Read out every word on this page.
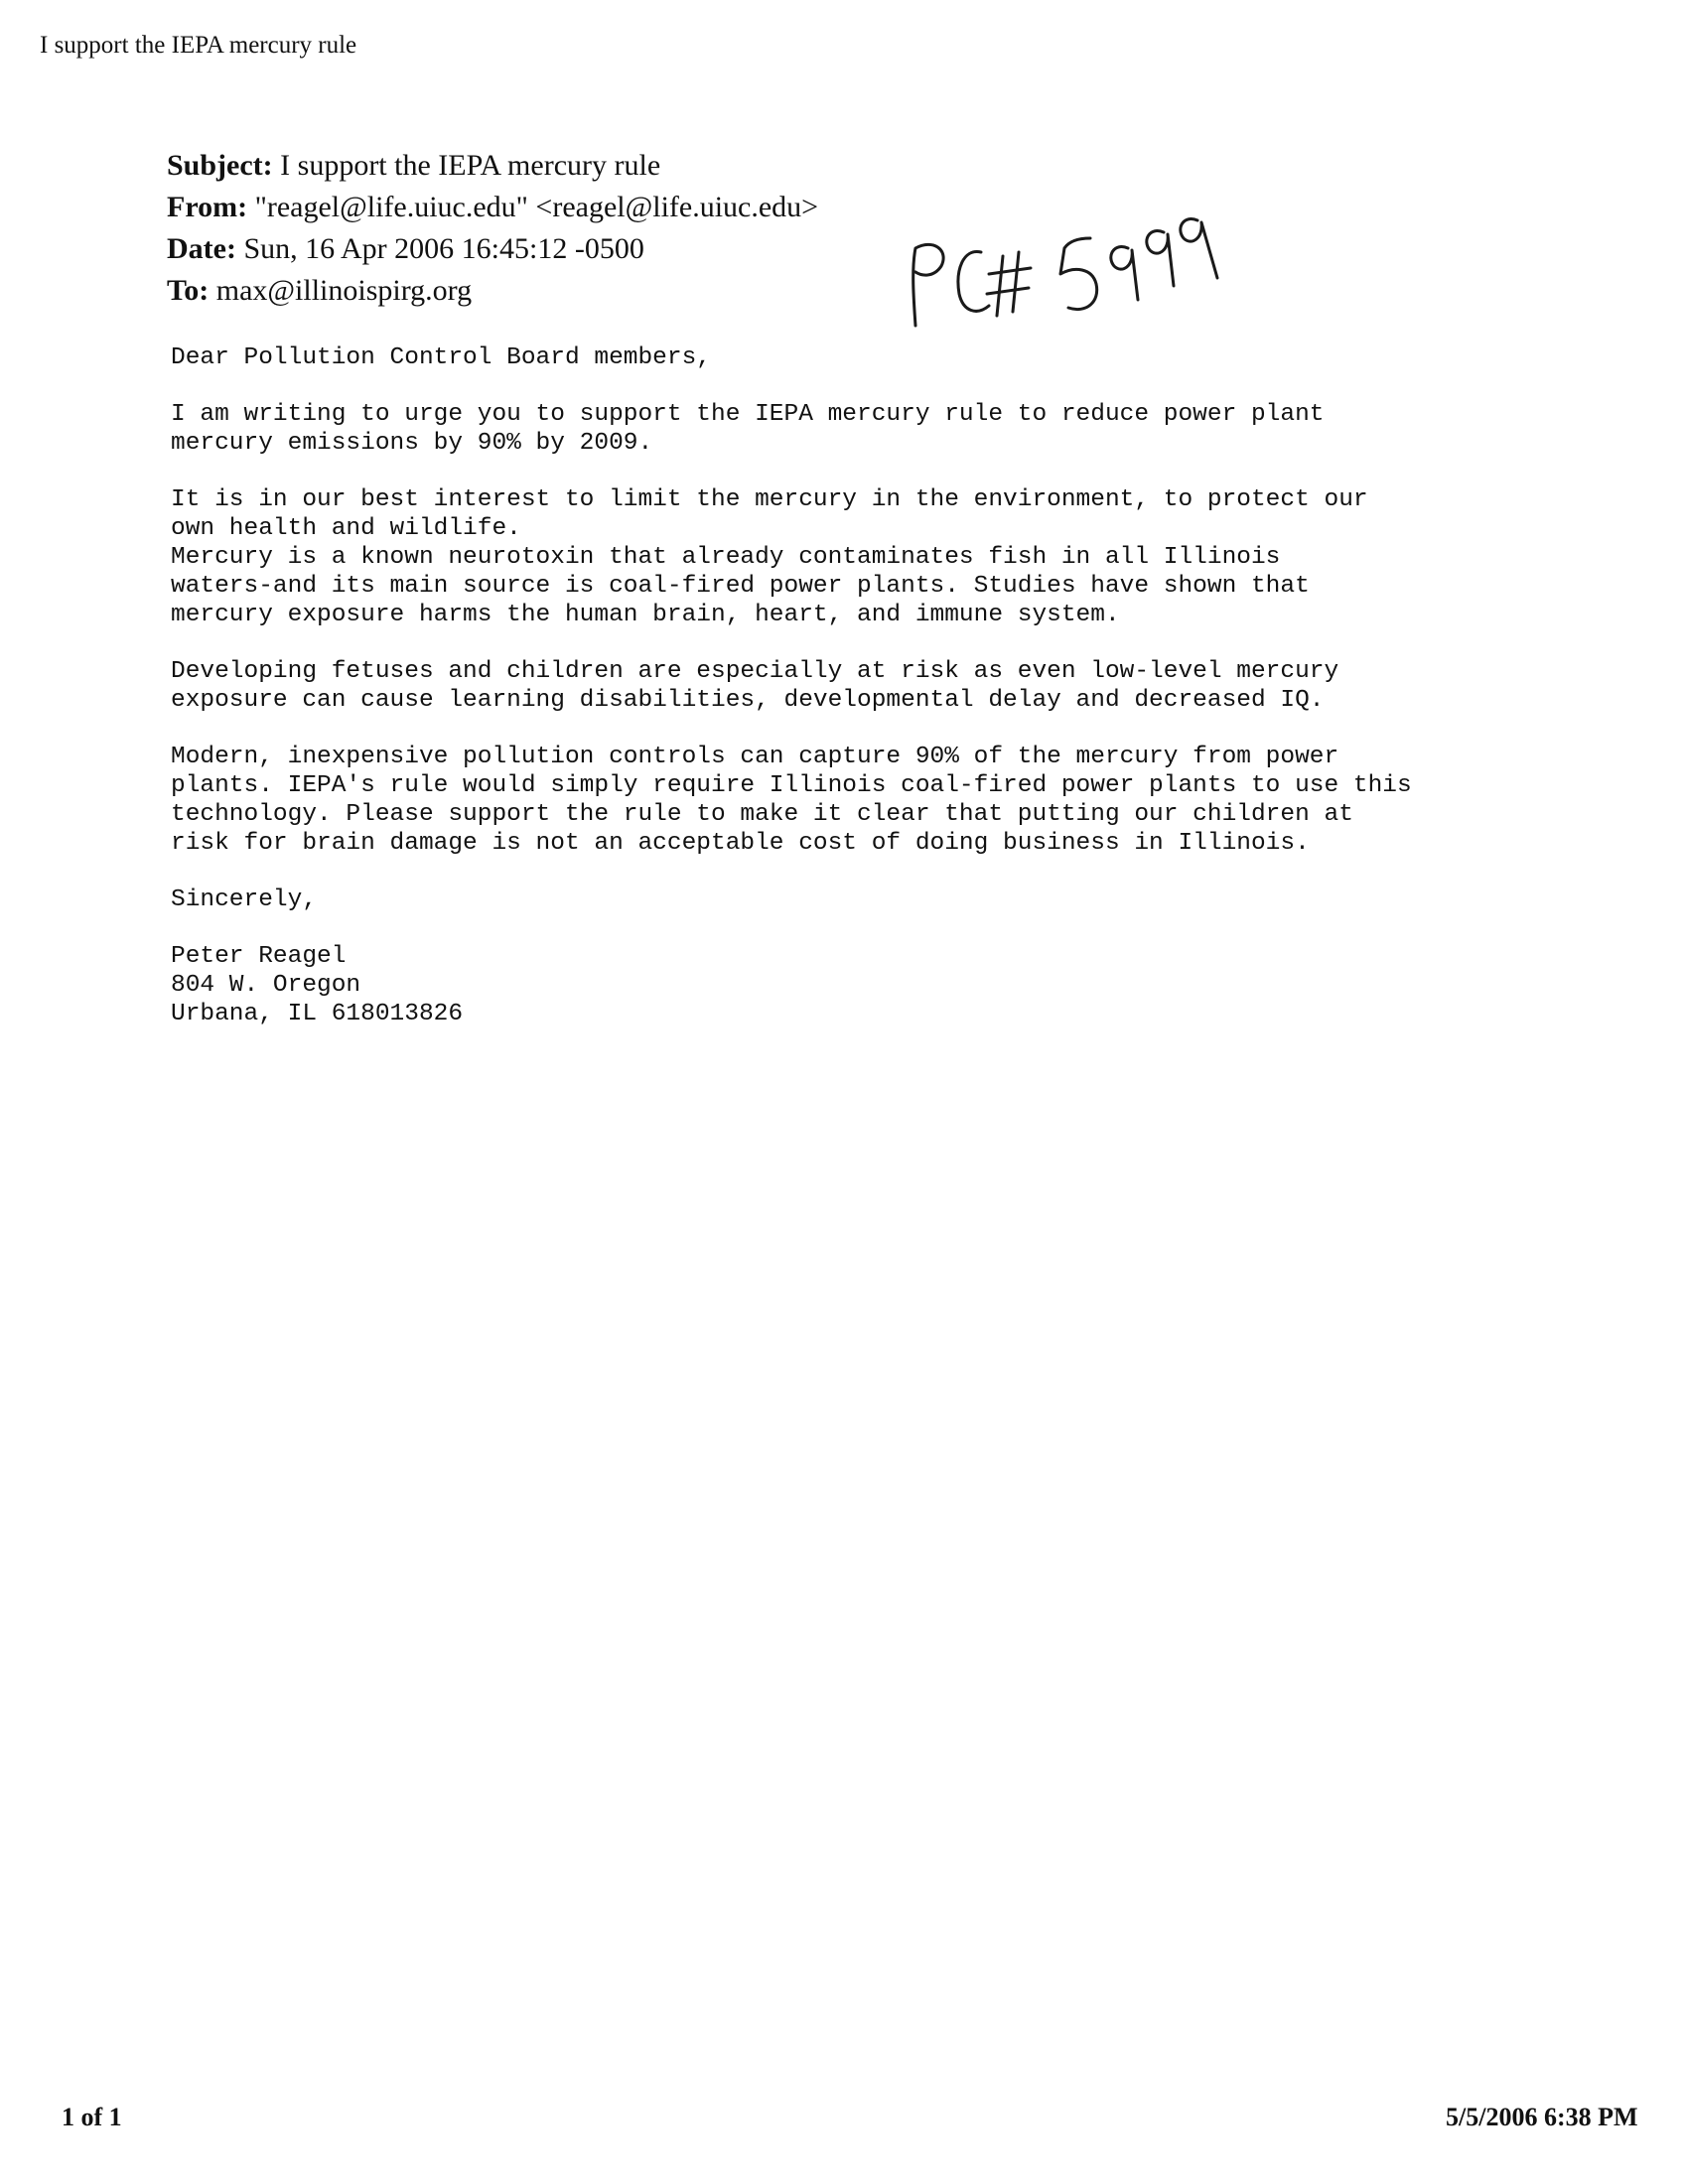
I support the IEPA mercury rule
Subject: I support the IEPA mercury rule
From: "reagel@life.uiuc.edu" <reagel@life.uiuc.edu>
Date: Sun, 16 Apr 2006 16:45:12 -0500
To: max@illinoispirg.org
Dear Pollution Control Board members,
I am writing to urge you to support the IEPA mercury rule to reduce power plant
mercury emissions by 90% by 2009.
It is in our best interest to limit the mercury in the environment, to protect our
own health and wildlife.
Mercury is a known neurotoxin that already contaminates fish in all Illinois
waters-and its main source is coal-fired power plants. Studies have shown that
mercury exposure harms the human brain, heart, and immune system.
Developing fetuses and children are especially at risk as even low-level mercury
exposure can cause learning disabilities, developmental delay and decreased IQ.
Modern, inexpensive pollution controls can capture 90% of the mercury from power
plants. IEPA's rule would simply require Illinois coal-fired power plants to use this
technology. Please support the rule to make it clear that putting our children at
risk for brain damage is not an acceptable cost of doing business in Illinois.
Sincerely,
Peter Reagel
804 W. Oregon
Urbana, IL 618013826
1 of 1	5/5/2006 6:38 PM
